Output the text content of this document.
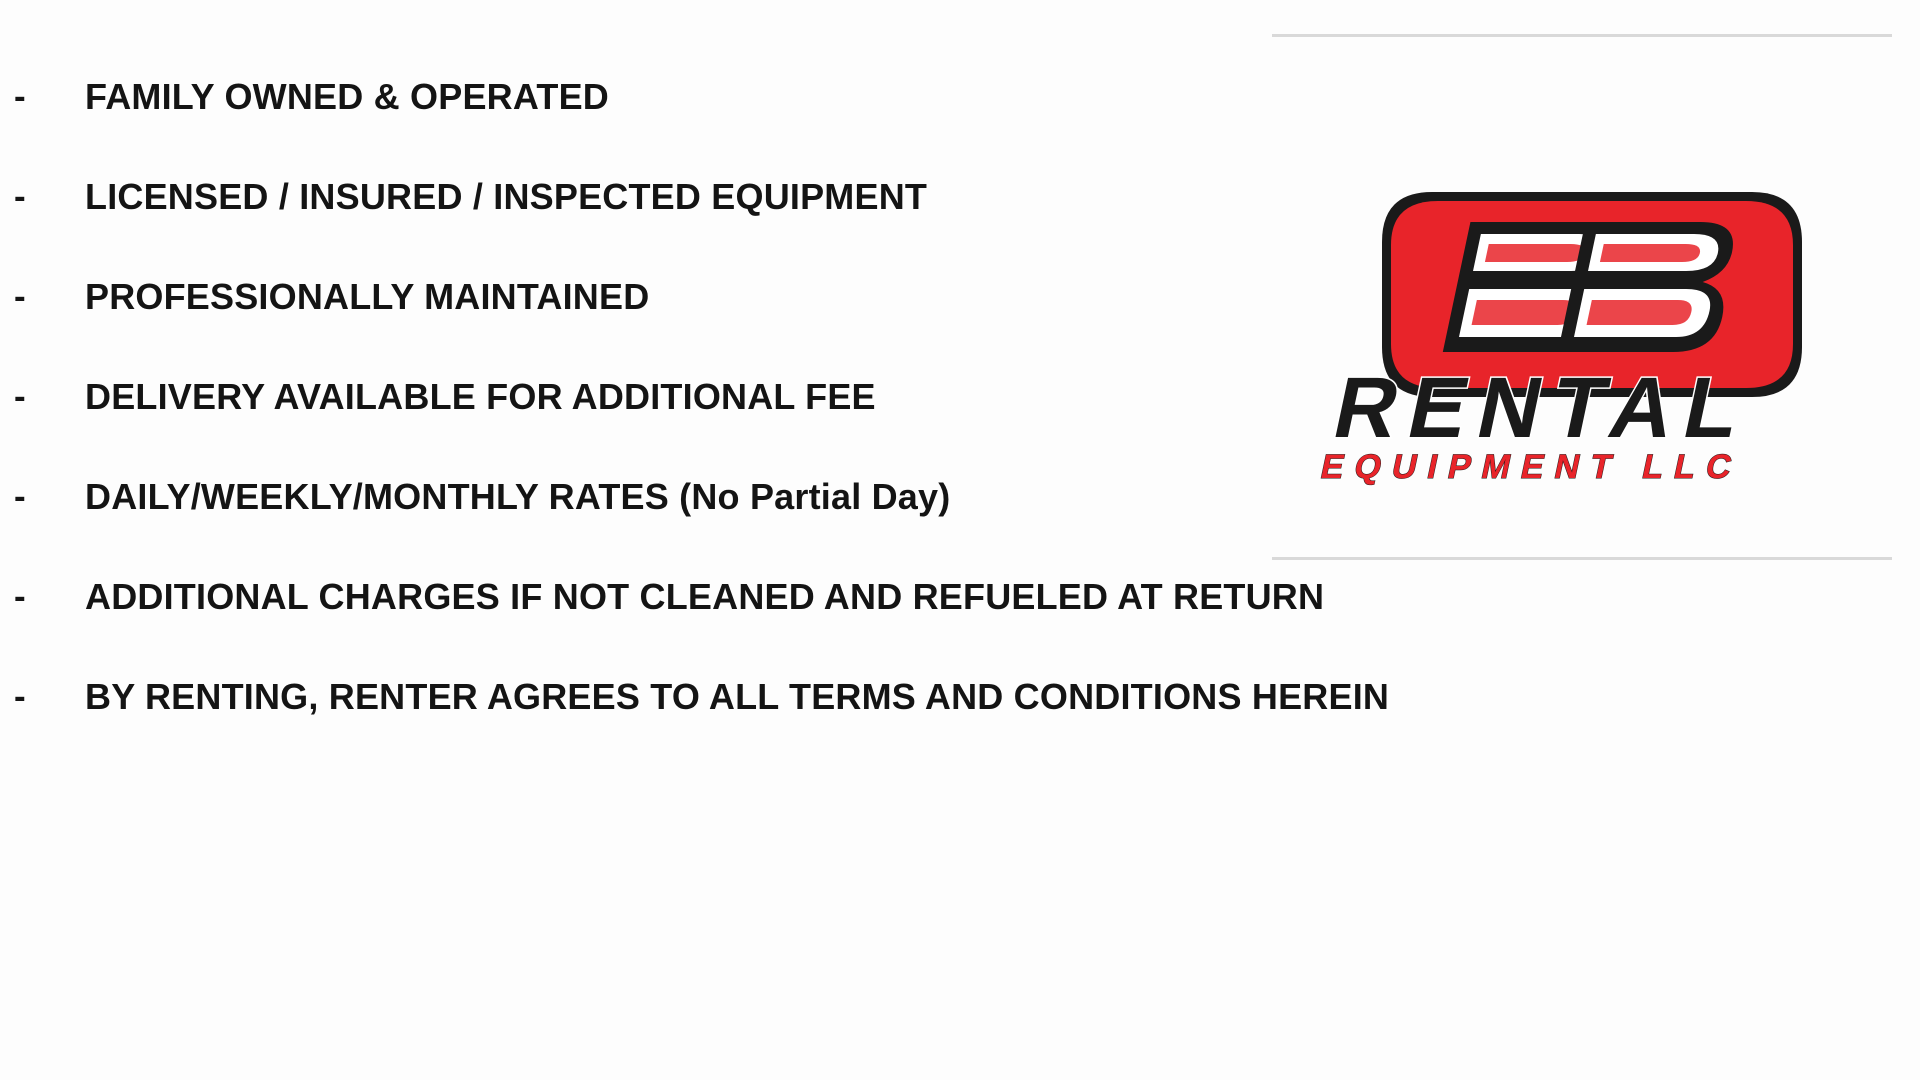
-	FAMILY OWNED & OPERATED
-	LICENSED / INSURED / INSPECTED EQUIPMENT
-	PROFESSIONALLY MAINTAINED
-	DELIVERY AVAILABLE FOR ADDITIONAL FEE
-	DAILY/WEEKLY/MONTHLY RATES (No Partial Day)
-	ADDITIONAL CHARGES IF NOT CLEANED AND REFUELED AT RETURN
-	BY RENTING, RENTER AGREES TO ALL TERMS AND CONDITIONS HEREIN
RENTAL
EQUIPMENT LLC
